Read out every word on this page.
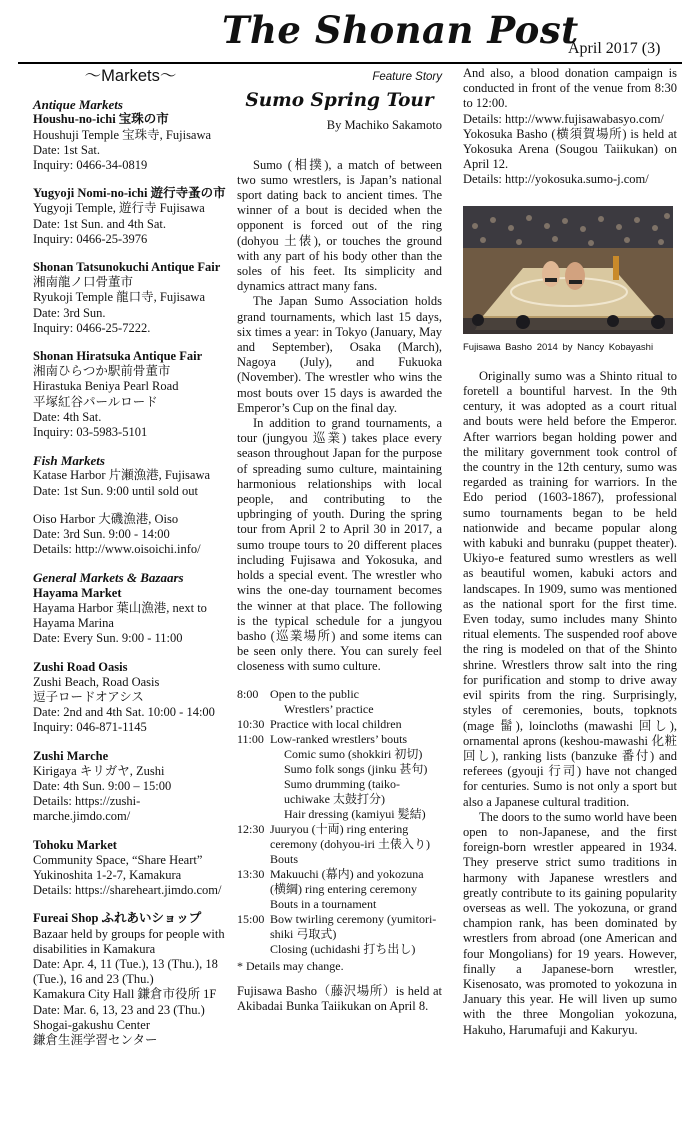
The Shonan Post
April 2017 (3)
〜Markets〜
Antique Markets
Houshu-no-ichi 宝珠の市
Houshuji Temple 宝珠寺, Fujisawa
Date: 1st Sat.
Inquiry: 0466-34-0819
Yugyoji Nomi-no-ichi 遊行寺蚤の市
Yugyoji Temple, 遊行寺 Fujisawa
Date: 1st Sun. and 4th Sat.
Inquiry: 0466-25-3976
Shonan Tatsunokuchi Antique Fair
湘南龍ノ口骨董市
Ryukoji Temple 龍口寺, Fujisawa
Date: 3rd Sun.
Inquiry: 0466-25-7222.
Shonan Hiratsuka Antique Fair
湘南ひらつか駅前骨董市
Hirastuka Beniya Pearl Road
平塚紅谷パールロード
Date: 4th Sat.
Inquiry: 03-5983-5101
Fish Markets
Katase Harbor 片瀬漁港, Fujisawa
Date: 1st Sun. 9:00 until sold out
Oiso Harbor 大磯漁港, Oiso
Date: 3rd Sun. 9:00 - 14:00
Details: http://www.oisoichi.info/
General Markets & Bazaars
Hayama Market
Hayama Harbor 葉山漁港, next to
Hayama Marina
Date: Every Sun. 9:00 - 11:00
Zushi Road Oasis
Zushi Beach, Road Oasis
逗子ロードオアシス
Date: 2nd and 4th Sat. 10:00 - 14:00
Inquiry: 046-871-1145
Zushi Marche
Kirigaya キリガヤ, Zushi
Date: 4th Sun. 9:00 – 15:00
Details: https://zushi-
marche.jimdo.com/
Tohoku Market
Community Space, “Share Heart”
Yukinoshita 1-2-7, Kamakura
Details: https://shareheart.jimdo.com/
Fureai Shop ふれあいショップ
Bazaar held by groups for people with
disabilities in Kamakura
Date: Apr. 4, 11 (Tue.), 13 (Thu.), 18
(Tue.), 16 and 23 (Thu.)
Kamakura City Hall 鎌倉市役所 1F
Date: Mar. 6, 13, 23 and 23 (Thu.)
Shogai-gakushu Center
鎌倉生涯学習センター
Feature Story
Sumo Spring Tour
By Machiko Sakamoto

Sumo (相撲), a match of between two sumo wrestlers, is Japan’s national sport dating back to ancient times. The winner of a bout is decided when the opponent is forced out of the ring (dohyou 土俵), or touches the ground with any part of his body other than the soles of his feet. Its simplicity and dynamics attract many fans.

The Japan Sumo Association holds grand tournaments, which last 15 days, six times a year: in Tokyo (January, May and September), Osaka (March), Nagoya (July), and Fukuoka (November). The wrestler who wins the most bouts over 15 days is awarded the Emperor’s Cup on the final day.

In addition to grand tournaments, a tour (jungyou 巡業) takes place every season throughout Japan for the purpose of spreading sumo culture, maintaining harmonious relationships with local people, and contributing to the upbringing of youth. During the spring tour from April 2 to April 30 in 2017, a sumo troupe tours to 20 different places including Fujisawa and Yokosuka, and holds a special event. The wrestler who wins the one-day tournament becomes the winner at that place. The following is the typical schedule for a jungyou basho (巡業場所) and some items can be seen only there. You can surely feel closeness with sumo culture.

8:00 Open to the public
Wrestlers’ practice
10:30 Practice with local children
11:00 Low-ranked wrestlers’ bouts
Comic sumo (shokkiri 初切)
Sumo folk songs (jinku 甚句)
Sumo drumming (taiko-uchiwake 太鼓打分)
Hair dressing (kamiyui 髪結)
12:30 Juuryou (十両) ring entering ceremony (dohyou-iri 土俵入り)
Bouts
13:30 Makuuchi (幕内) and yokozuna (横綱) ring entering ceremony
Bouts in a tournament
15:00 Bow twirling ceremony (yumitori-shiki 弓取式)
Closing (uchidashi 打ち出し)
* Details may change.

Fujisawa Basho（藤沢場所）is held at Akibadai Bunka Taiikukan on April 8.

And also, a blood donation campaign is conducted in front of the venue from 8:30 to 12:00.

Details: http://www.fujisawabasyo.com/

Yokosuka Basho (横須賀場所) is held at Yokosuka Arena (Sougou Taiikukan) on April 12.

Details: http://yokosuka.sumo-j.com/

Fujisawa Basho 2014 by Nancy Kobayashi

Originally sumo was a Shinto ritual to foretell a bountiful harvest. In the 9th century, it was adopted as a court ritual and bouts were held before the Emperor. After warriors began holding power and the military government took control of the country in the 12th century, sumo was regarded as training for warriors. In the Edo period (1603-1867), professional sumo tournaments began to be held nationwide and became popular along with kabuki and bunraku (puppet theater). Ukiyo-e featured sumo wrestlers as well as beautiful women, kabuki actors and landscapes. In 1909, sumo was mentioned as the national sport for the first time. Even today, sumo includes many Shinto ritual elements. The suspended roof above the ring is modeled on that of the Shinto shrine. Wrestlers throw salt into the ring for purification and stomp to drive away evil spirits from the ring. Surprisingly, styles of ceremonies, bouts, topknots (mage 髷), loincloths (mawashi 回し), ornamental aprons (keshou-mawashi 化粧回し), ranking lists (banzuke 番付) and referees (gyouji 行司) have not changed for centuries. Sumo is not only a sport but also a Japanese cultural tradition.

The doors to the sumo world have been open to non-Japanese, and the first foreign-born wrestler appeared in 1934. They preserve strict sumo traditions in harmony with Japanese wrestlers and greatly contribute to its gaining popularity overseas as well. The yokozuna, or grand champion rank, has been dominated by wrestlers from abroad (one American and four Mongolians) for 19 years. However, finally a Japanese-born wrestler, Kisenosato, was promoted to yokozuna in January this year. He will liven up sumo with the three Mongolian yokozuna, Hakuho, Harumafuji and Kakuryu.
